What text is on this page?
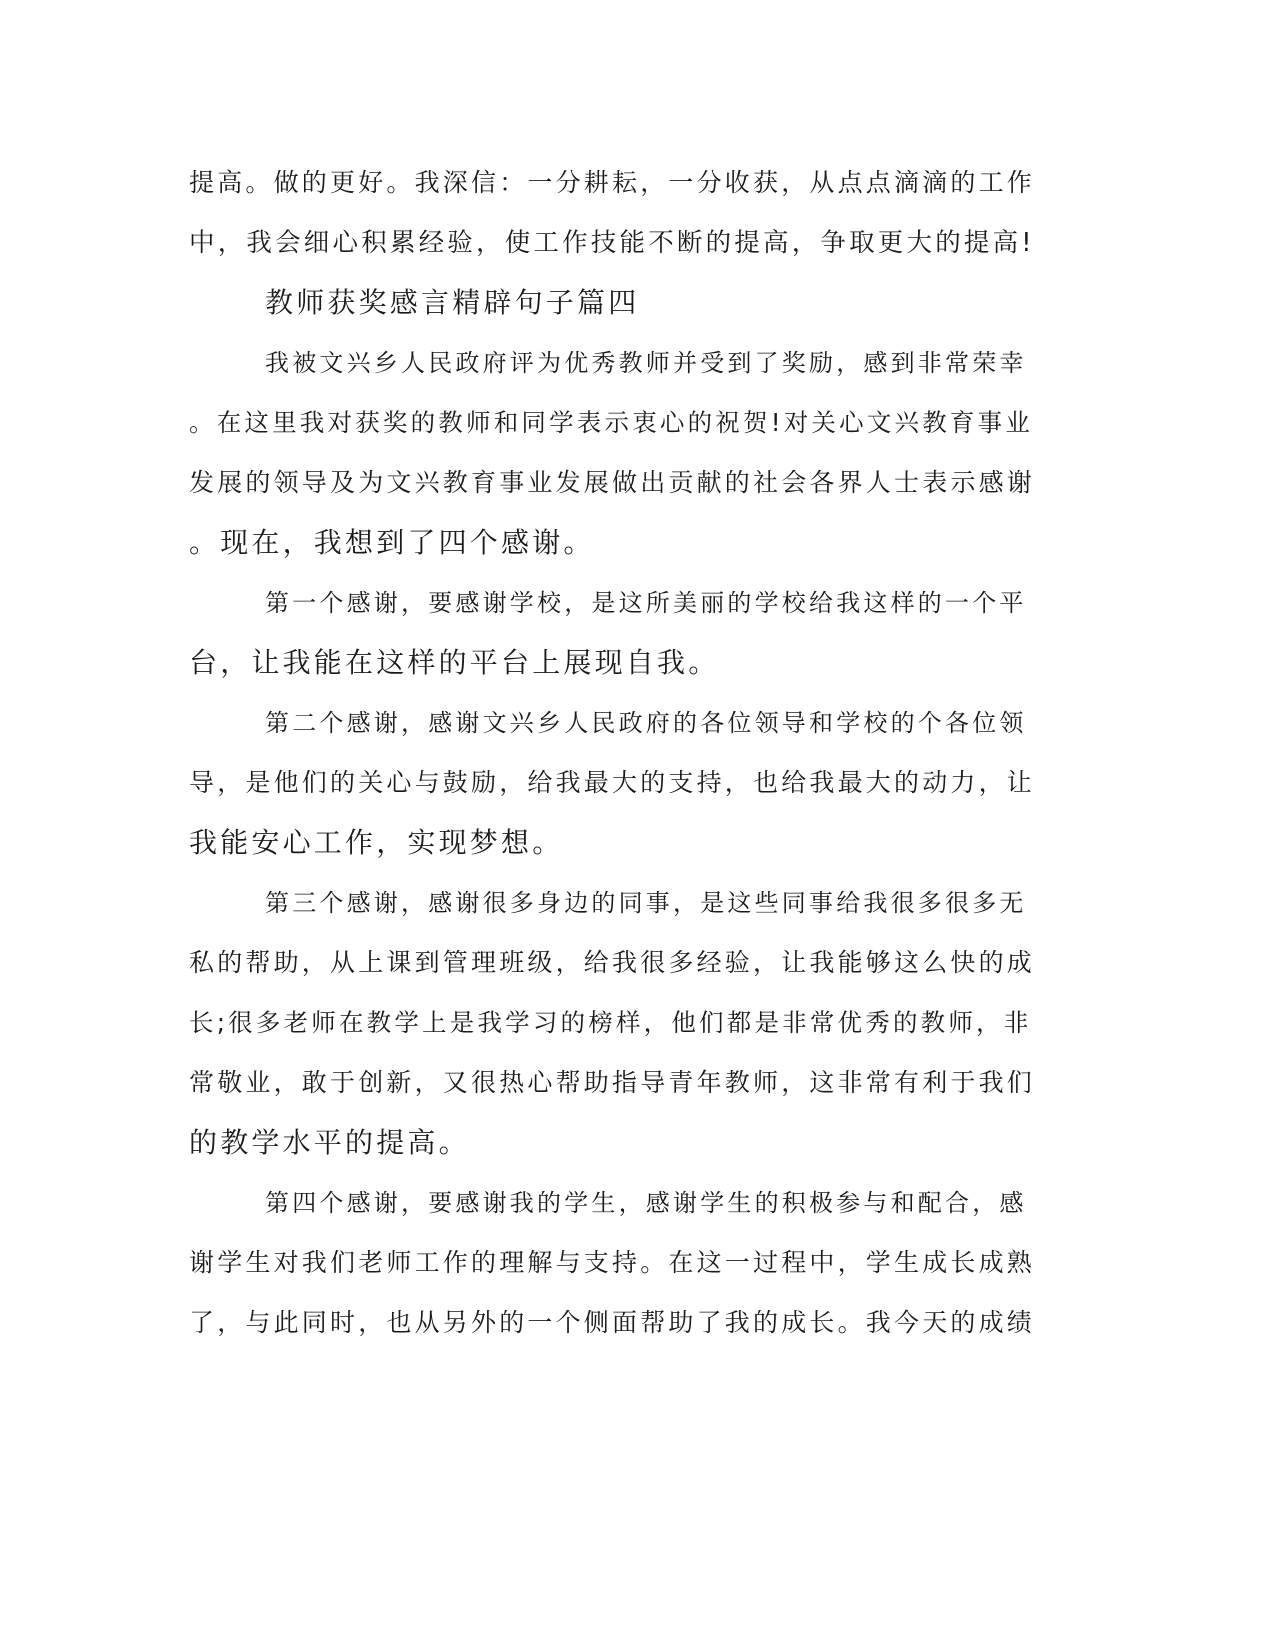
提高。做的更好。我深信：一分耕耘，一分收获，从点点滴滴的工作
中，我会细心积累经验，使工作技能不断的提高，争取更大的提高!
教师获奖感言精辟句子篇四
我被文兴乡人民政府评为优秀教师并受到了奖励，感到非常荣幸
。在这里我对获奖的教师和同学表示衷心的祝贺!对关心文兴教育事业
发展的领导及为文兴教育事业发展做出贡献的社会各界人士表示感谢
。现在，我想到了四个感谢。
第一个感谢，要感谢学校，是这所美丽的学校给我这样的一个平
台，让我能在这样的平台上展现自我。
第二个感谢，感谢文兴乡人民政府的各位领导和学校的个各位领
导，是他们的关心与鼓励，给我最大的支持，也给我最大的动力，让
我能安心工作，实现梦想。
第三个感谢，感谢很多身边的同事，是这些同事给我很多很多无
私的帮助，从上课到管理班级，给我很多经验，让我能够这么快的成
长;很多老师在教学上是我学习的榜样，他们都是非常优秀的教师，非
常敬业，敢于创新，又很热心帮助指导青年教师，这非常有利于我们
的教学水平的提高。
第四个感谢，要感谢我的学生，感谢学生的积极参与和配合，感
谢学生对我们老师工作的理解与支持。在这一过程中，学生成长成熟
了，与此同时，也从另外的一个侧面帮助了我的成长。我今天的成绩
